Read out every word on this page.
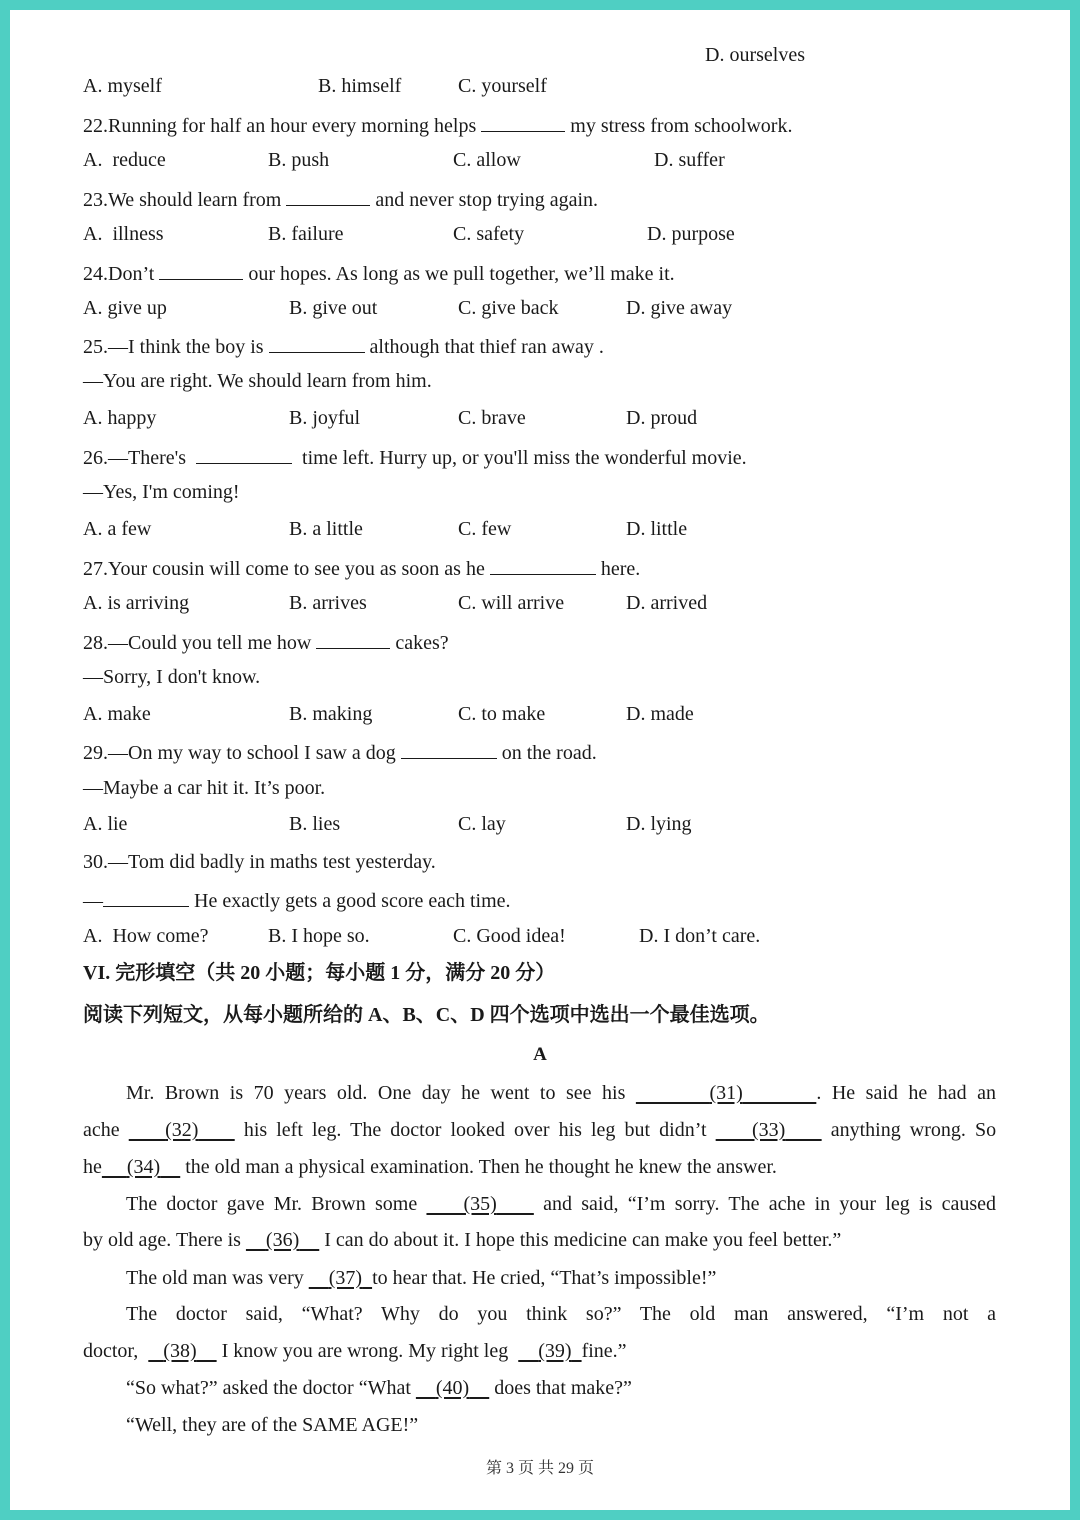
D. ourselves
A. myself	B. himself	C. yourself
22.Running for half an hour every morning helps	my stress from schoolwork.
A.  reduce	B. push	C. allow	D. suffer
23.We should learn from	and never stop trying again.
A.  illness	B. failure	C. safety	D. purpose
24.Don’t	our hopes. As long as we pull together, we’ll make it.
A. give up	B. give out	C. give back	D. give away
25.—I think the boy is	although that thief ran away .
—You are right. We should learn from him.
A. happy	B. joyful	C. brave	D. proud
26.—There's	time left. Hurry up, or you'll miss the wonderful movie.
—Yes, I'm coming!
A. a few	B. a little	C. few	D. little
27.Your cousin will come to see you as soon as he	here.
A. is arriving	B. arrives	C. will arrive	D. arrived
28.—Could you tell me how	cakes?
—Sorry, I don't know.
A. make	B. making	C. to make	D. made
29.—On my way to school I saw a dog	on the road.
—Maybe a car hit it. It’s poor.
A. lie	B. lies	C. lay	D. lying
30.—Tom did badly in maths test yesterday.
—	He exactly gets a good score each time.
A.  How come?	B. I hope so.	C. Good idea!	D. I don’t care.
VI. 完形填空（共 20 小题；每小题 1 分，满分 20 分）
阅读下列短文，从每小题所给的 A、B、C、D 四个选项中选出一个最佳选项。
A
Mr. Brown is 70 years old. One day he went to see his	(31)	. He said he had an
ache (32) his left leg. The doctor looked over his leg but didn’t (33) anything wrong. So
he (34) the old man a physical examination. Then he thought he knew the answer.
The doctor gave Mr. Brown some (35) and said, “I’m sorry. The ache in your leg is caused
by old age. There is (36) I can do about it. I hope this medicine can make you feel better.”
The old man was very (37) to hear that. He cried, “That’s impossible!”
The doctor said, “What? Why do you think so?” The old man answered, “I’m not a
doctor, (38) I know you are wrong. My right leg (39) fine.”
“So what?” asked the doctor “What (40) does that make?”
“Well, they are of the SAME AGE!”
第 3 页 共 29 页
